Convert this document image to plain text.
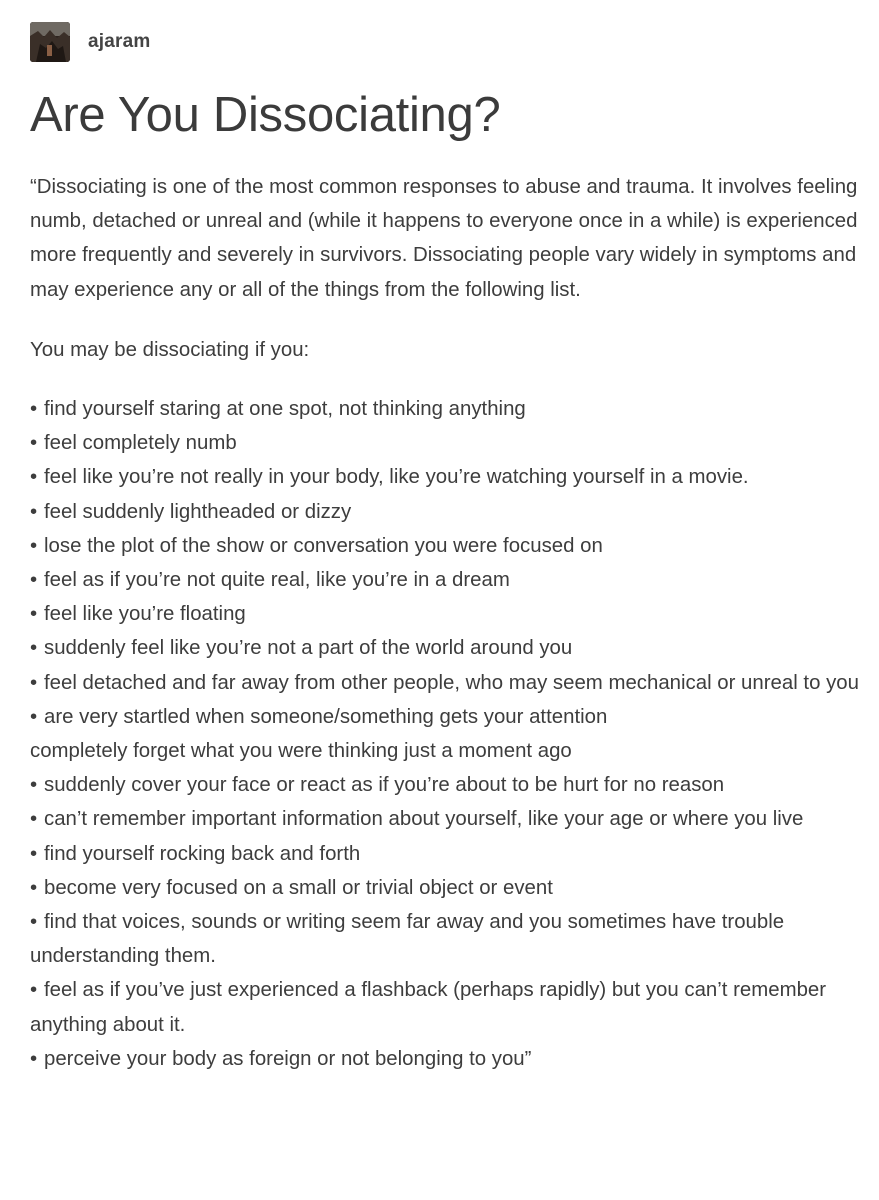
ajaram
Are You Dissociating?

“Dissociating is one of the most common responses to abuse and trauma. It involves feeling numb, detached or unreal and (while it happens to everyone once in a while) is experienced more frequently and severely in survivors. Dissociating people vary widely in symptoms and may experience any or all of the things from the following list.

You may be dissociating if you:

• find yourself staring at one spot, not thinking anything
• feel completely numb
• feel like you’re not really in your body, like you’re watching yourself in a movie.
• feel suddenly lightheaded or dizzy
• lose the plot of the show or conversation you were focused on
• feel as if you’re not quite real, like you’re in a dream
• feel like you’re floating
• suddenly feel like you’re not a part of the world around you
• feel detached and far away from other people, who may seem mechanical or unreal to you
• are very startled when someone/something gets your attention
completely forget what you were thinking just a moment ago
• suddenly cover your face or react as if you’re about to be hurt for no reason
• can’t remember important information about yourself, like your age or where you live
• find yourself rocking back and forth
• become very focused on a small or trivial object or event
• find that voices, sounds or writing seem far away and you sometimes have trouble understanding them.
• feel as if you’ve just experienced a flashback (perhaps rapidly) but you can’t remember anything about it.
• perceive your body as foreign or not belonging to you”
